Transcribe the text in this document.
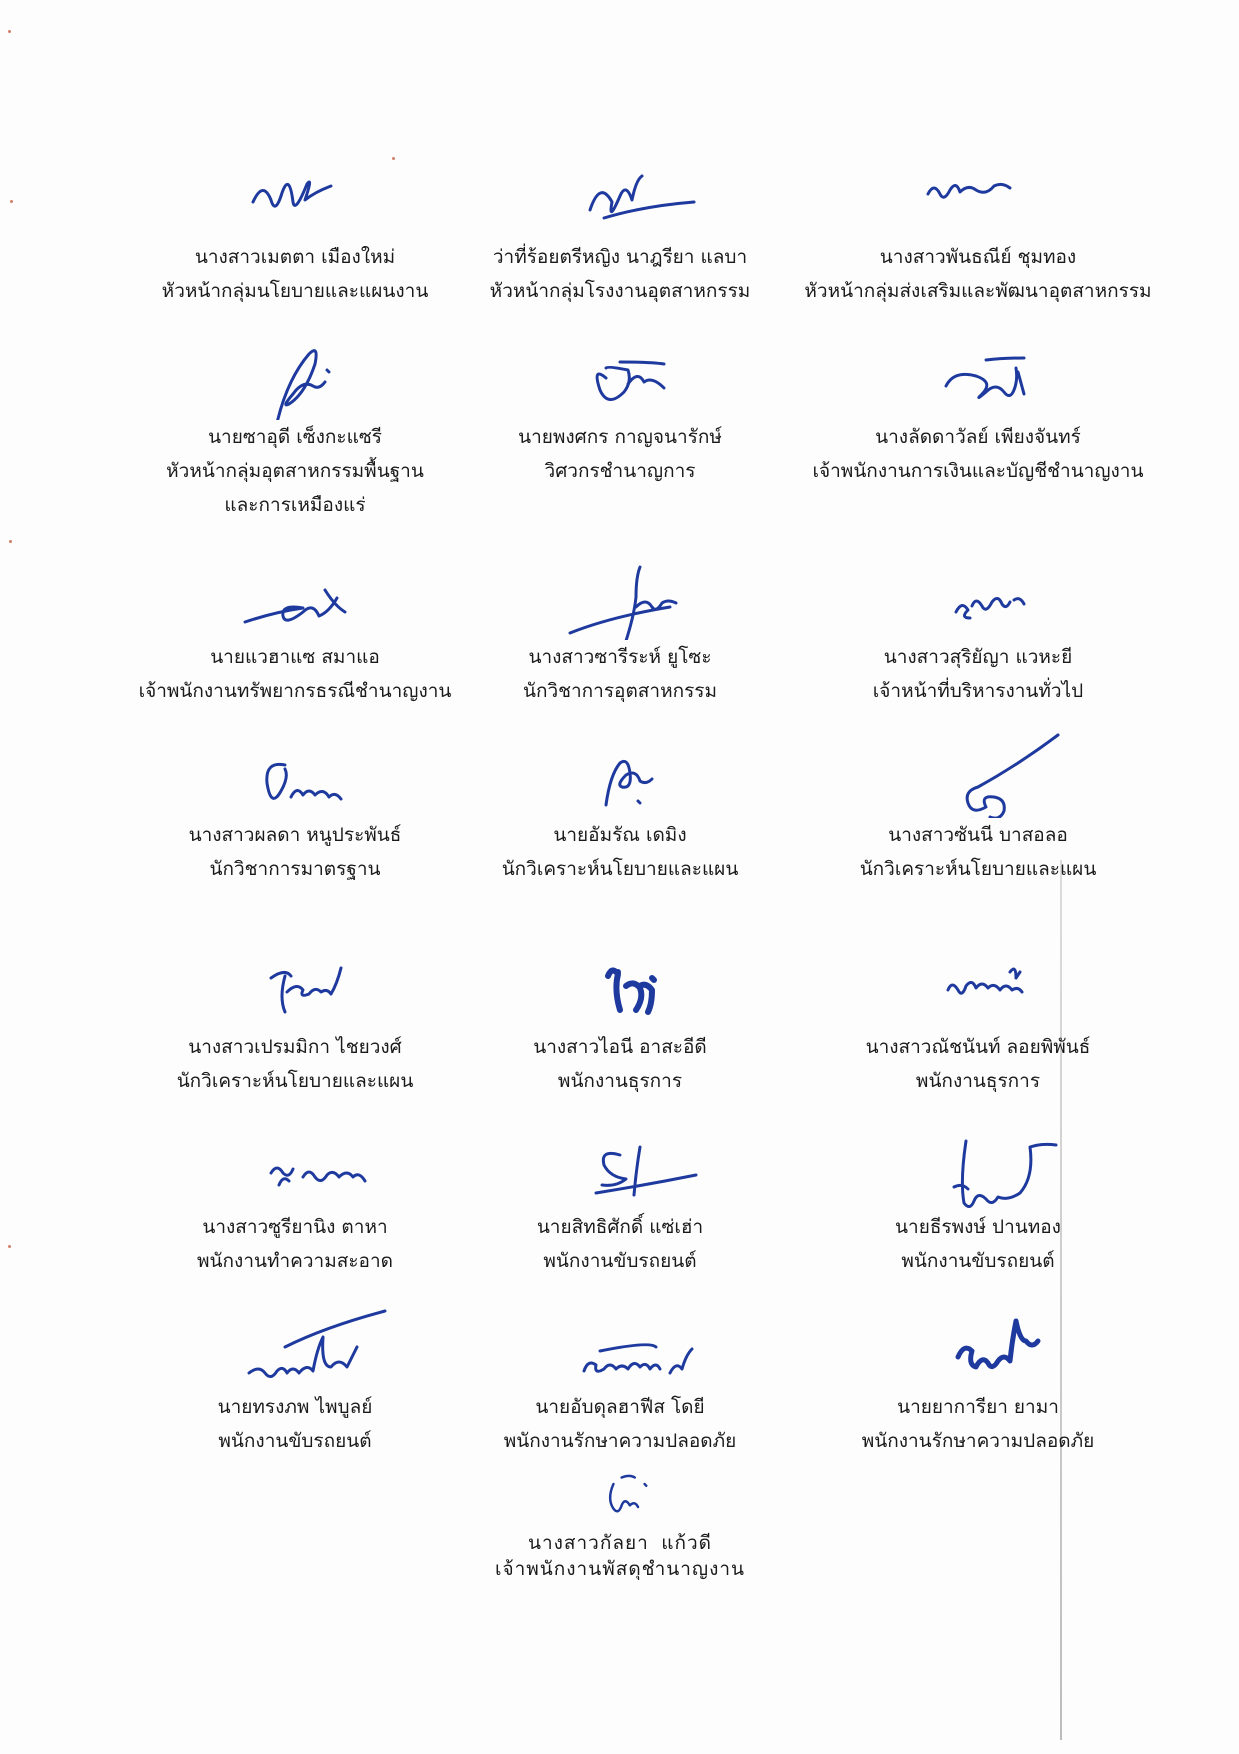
นางสาวเมตตา เมืองใหม่
หัวหน้ากลุ่มนโยบายและแผนงาน
ว่าที่ร้อยตรีหญิง นาฎรียา แลบา
หัวหน้ากลุ่มโรงงานอุตสาหกรรม
นางสาวพันธณีย์ ชุมทอง
หัวหน้ากลุ่มส่งเสริมและพัฒนาอุตสาหกรรม
นายซาอุดี เซ็งกะแซรี
หัวหน้ากลุ่มอุตสาหกรรมพื้นฐาน
และการเหมืองแร่
นายพงศกร กาญจนารักษ์
วิศวกรชำนาญการ
นางลัดดาวัลย์ เพียงจันทร์
เจ้าพนักงานการเงินและบัญชีชำนาญงาน
นายแวฮาแซ สมาแอ
เจ้าพนักงานทรัพยากรธรณีชำนาญงาน
นางสาวซารีระห์ ยูโซะ
นักวิชาการอุตสาหกรรม
นางสาวสุริยัญา แวหะยี
เจ้าหน้าที่บริหารงานทั่วไป
นางสาวผลดา หนูประพันธ์
นักวิชาการมาตรฐาน
นายอัมรัณ เดมิง
นักวิเคราะห์นโยบายและแผน
นางสาวซันนี บาสอลอ
นักวิเคราะห์นโยบายและแผน
นางสาวเปรมมิกา ไชยวงศ์
นักวิเคราะห์นโยบายและแผน
นางสาวไอนี อาสะอีดี
พนักงานธุรการ
นางสาวณัชนันท์ ลอยพิพันธ์
พนักงานธุรการ
นางสาวซูรียานิง ตาหา
พนักงานทำความสะอาด
นายสิทธิศักดิ์ แซ่เฮ่า
พนักงานขับรถยนต์
นายธีรพงษ์ ปานทอง
พนักงานขับรถยนต์
นายทรงภพ ไพบูลย์
พนักงานขับรถยนต์
นายอับดุลฮาฟีส โดยี
พนักงานรักษาความปลอดภัย
นายยาการียา ยามา
พนักงานรักษาความปลอดภัย
นางสาวกัลยา แก้วดี
เจ้าพนักงานพัสดุชำนาญงาน
